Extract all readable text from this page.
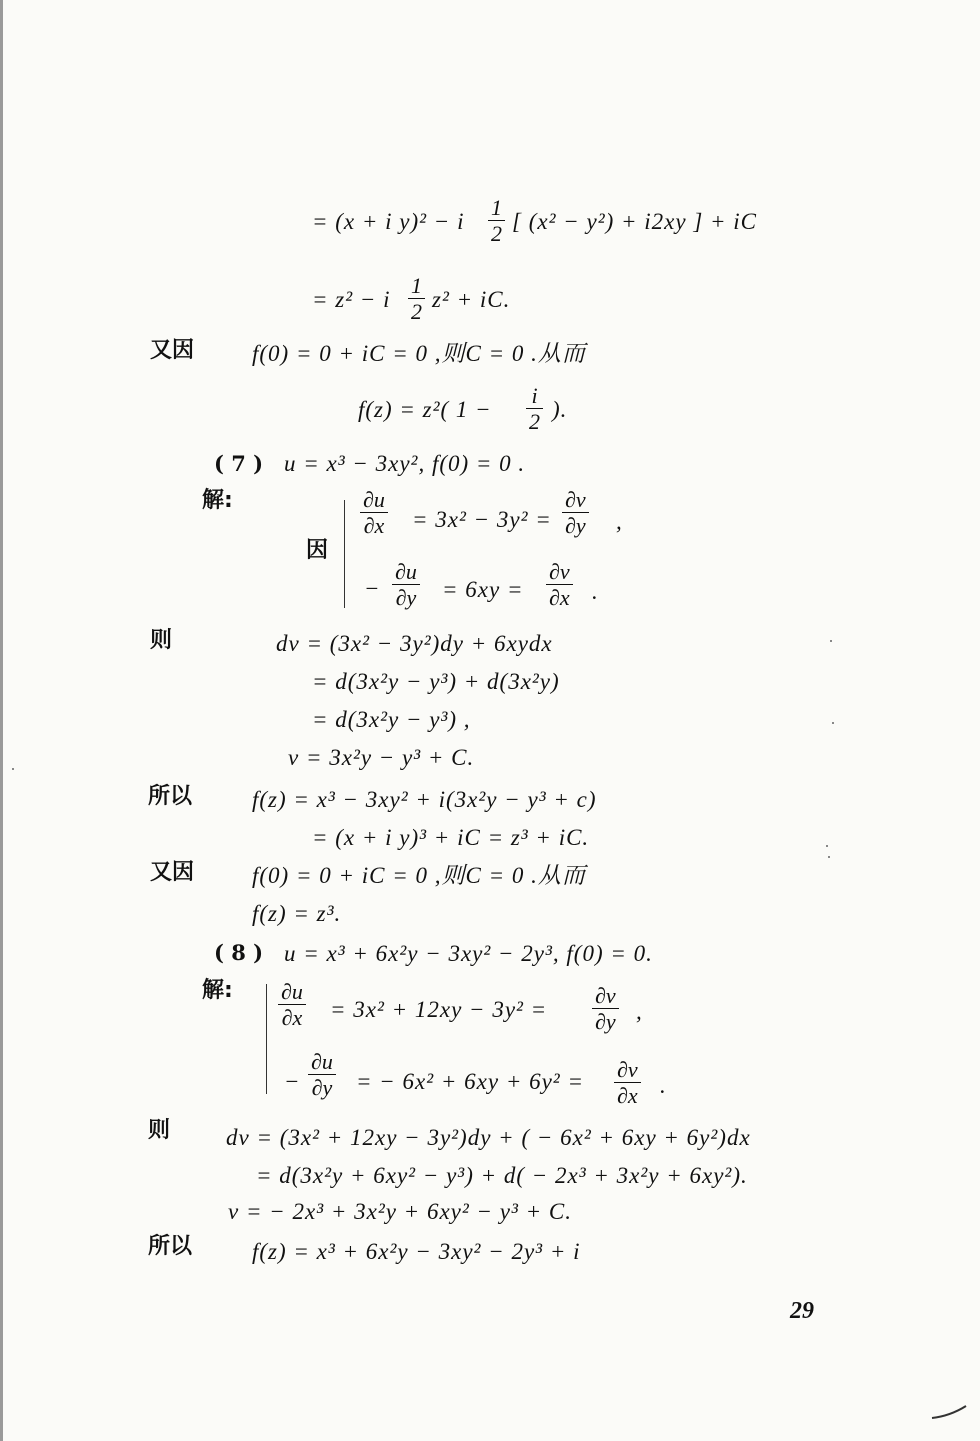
= (x + i y)² − i
1
2 [ (x² − y²) + i2xy ] + iC
= z² − i
1
2 z² + iC.
又因	f(0) = 0 + iC = 0 ,则C = 0 .从而
f(z) = z²( 1 −
i
2 ).
( 7 ) u = x³ − 3xy², f(0) = 0 .
解:
因
∂u
∂x = 3x² − 3y² =
∂v
∂y ,
−
∂u
∂y = 6xy =
∂v
∂x .
则	dv = (3x² − 3y²)dy + 6xydx
= d(3x²y − y³) + d(3x²y)
= d(3x²y − y³) ,
v = 3x²y − y³ + C.
所以	f(z) = x³ − 3xy² + i(3x²y − y³ + c)
= (x + i y)³ + iC = z³ + iC.
又因	f(0) = 0 + iC = 0 ,则C = 0 .从而
f(z) = z³.
( 8 ) u = x³ + 6x²y − 3xy² − 2y³, f(0) = 0.
解: ∂u
∂x = 3x² + 12xy − 3y² =
∂v
∂y ,
−
∂u
∂y = − 6x² + 6xy + 6y² = ∂v
∂x .
则 dv = (3x² + 12xy − 3y²)dy + ( − 6x² + 6xy + 6y²)dx
= d(3x²y + 6xy² − y³) + d( − 2x³ + 3x²y + 6xy²).
v = − 2x³ + 3x²y + 6xy² − y³ + C.
所以	f(z) = x³ + 6x²y − 3xy² − 2y³ + i
29
